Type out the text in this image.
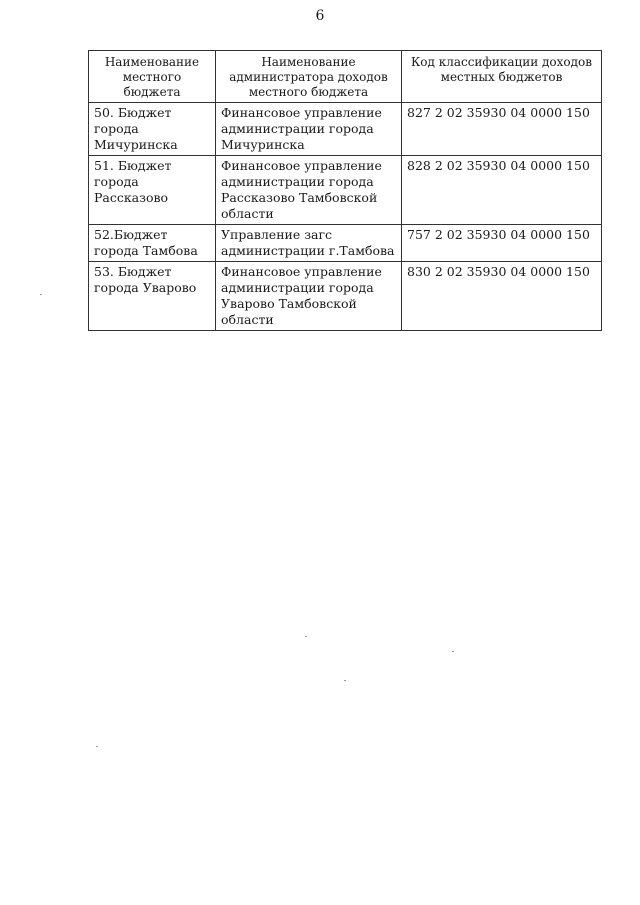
6
Наименование местного бюджета	Наименование администратора доходов местного бюджета	Код классификации доходов местных бюджетов
50. Бюджет города Мичуринска	Финансовое управление администрации города Мичуринска	827 2 02 35930 04 0000 150
51. Бюджет города Рассказово	Финансовое управление администрации города Рассказово Тамбовской области	828 2 02 35930 04 0000 150
52.Бюджет города Тамбова	Управление загс администрации г.Тамбова	757 2 02 35930 04 0000 150
53. Бюджет города Уварово	Финансовое управление администрации города Уварово Тамбовской области	830 2 02 35930 04 0000 150
